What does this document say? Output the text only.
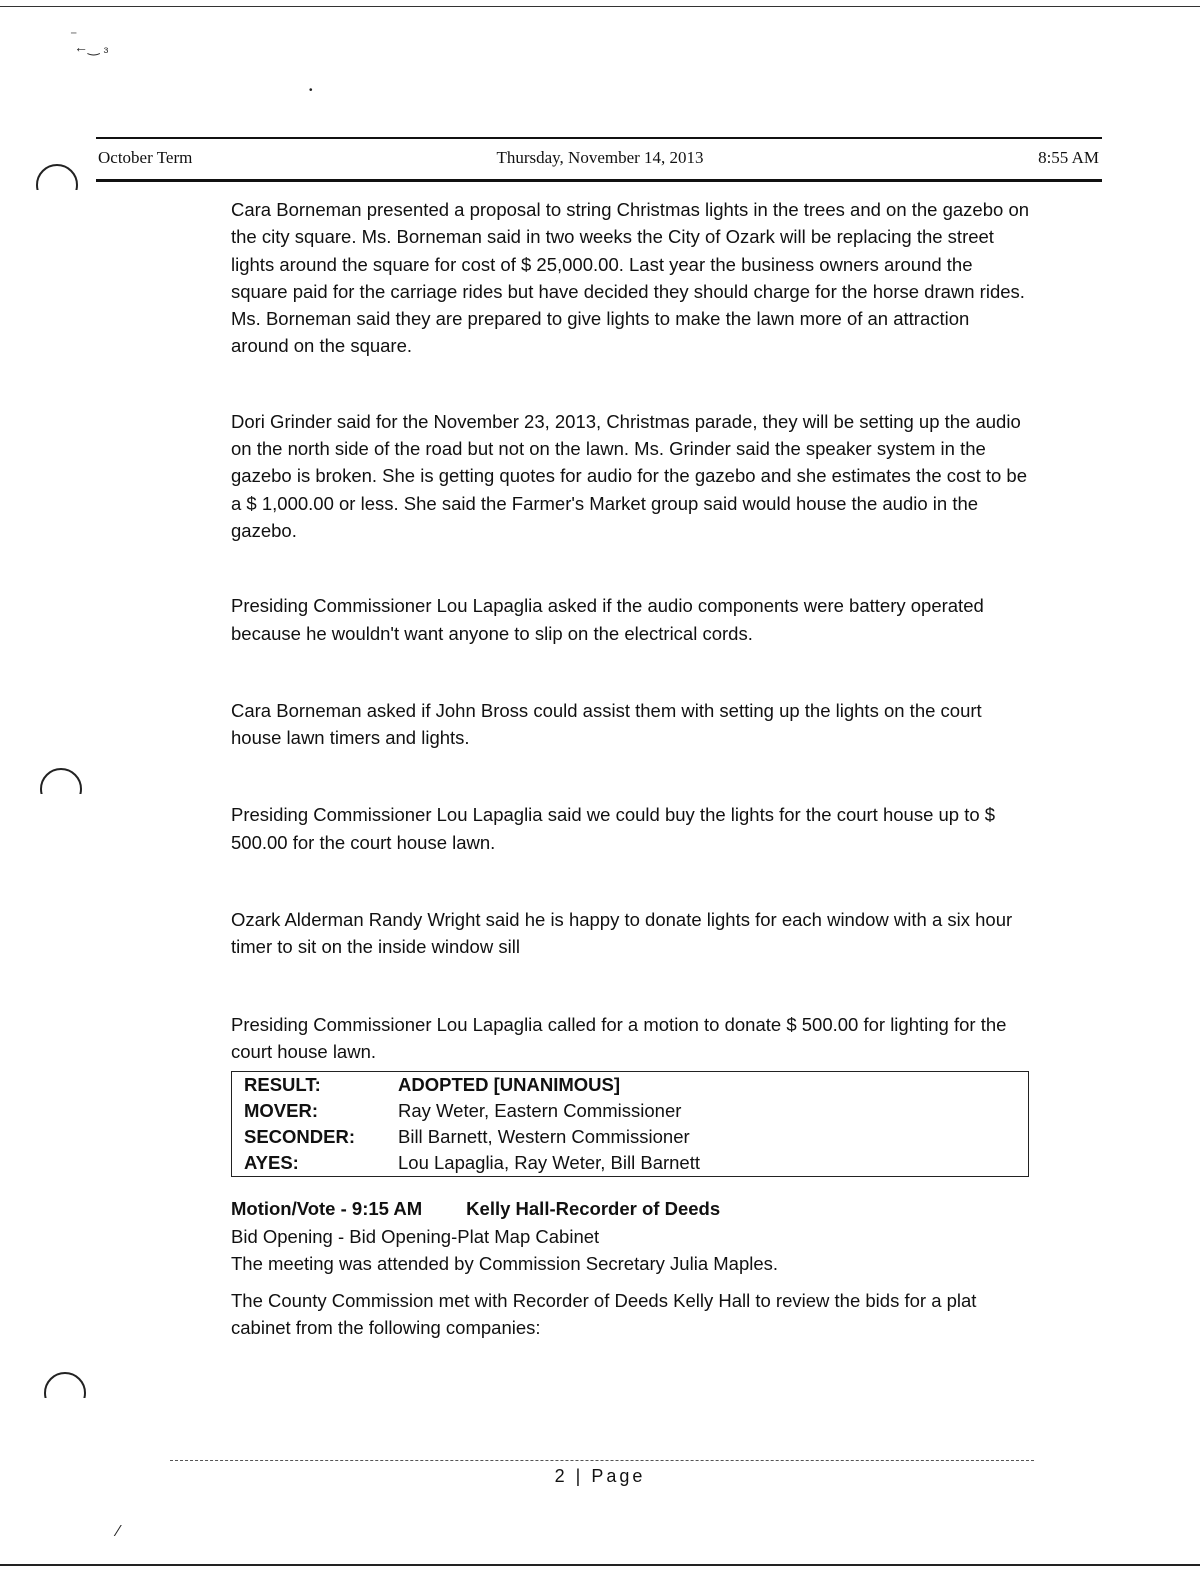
⁻
←‿ ₃
•
October Term	Thursday, November 14, 2013	8:55 AM

Cara Borneman presented a proposal to string Christmas lights in the trees and on the gazebo on the city square. Ms. Borneman said in two weeks the City of Ozark will be replacing the street lights around the square for cost of $ 25,000.00. Last year the business owners around the square paid for the carriage rides but have decided they should charge for the horse drawn rides. Ms. Borneman said they are prepared to give lights to make the lawn more of an attraction around on the square.

Dori Grinder said for the November 23, 2013, Christmas parade, they will be setting up the audio on the north side of the road but not on the lawn. Ms. Grinder said the speaker system in the gazebo is broken. She is getting quotes for audio for the gazebo and she estimates the cost to be a $ 1,000.00 or less. She said the Farmer's Market group said would house the audio in the gazebo.

Presiding Commissioner Lou Lapaglia asked if the audio components were battery operated because he wouldn't want anyone to slip on the electrical cords.

Cara Borneman asked if John Bross could assist them with setting up the lights on the court house lawn timers and lights.

Presiding Commissioner Lou Lapaglia said we could buy the lights for the court house up to $ 500.00 for the court house lawn.

Ozark Alderman Randy Wright said he is happy to donate lights for each window with a six hour timer to sit on the inside window sill

Presiding Commissioner Lou Lapaglia called for a motion to donate $ 500.00 for lighting for the court house lawn.

RESULT:	ADOPTED [UNANIMOUS]
MOVER:	Ray Weter, Eastern Commissioner
SECONDER:	Bill Barnett, Western Commissioner
AYES:	Lou Lapaglia, Ray Weter, Bill Barnett
Motion/Vote - 9:15 AM Kelly Hall-Recorder of Deeds

Bid Opening - Bid Opening-Plat Map Cabinet

The meeting was attended by Commission Secretary Julia Maples.

The County Commission met with Recorder of Deeds Kelly Hall to review the bids for a plat cabinet from the following companies:

2 | Page
⁄
